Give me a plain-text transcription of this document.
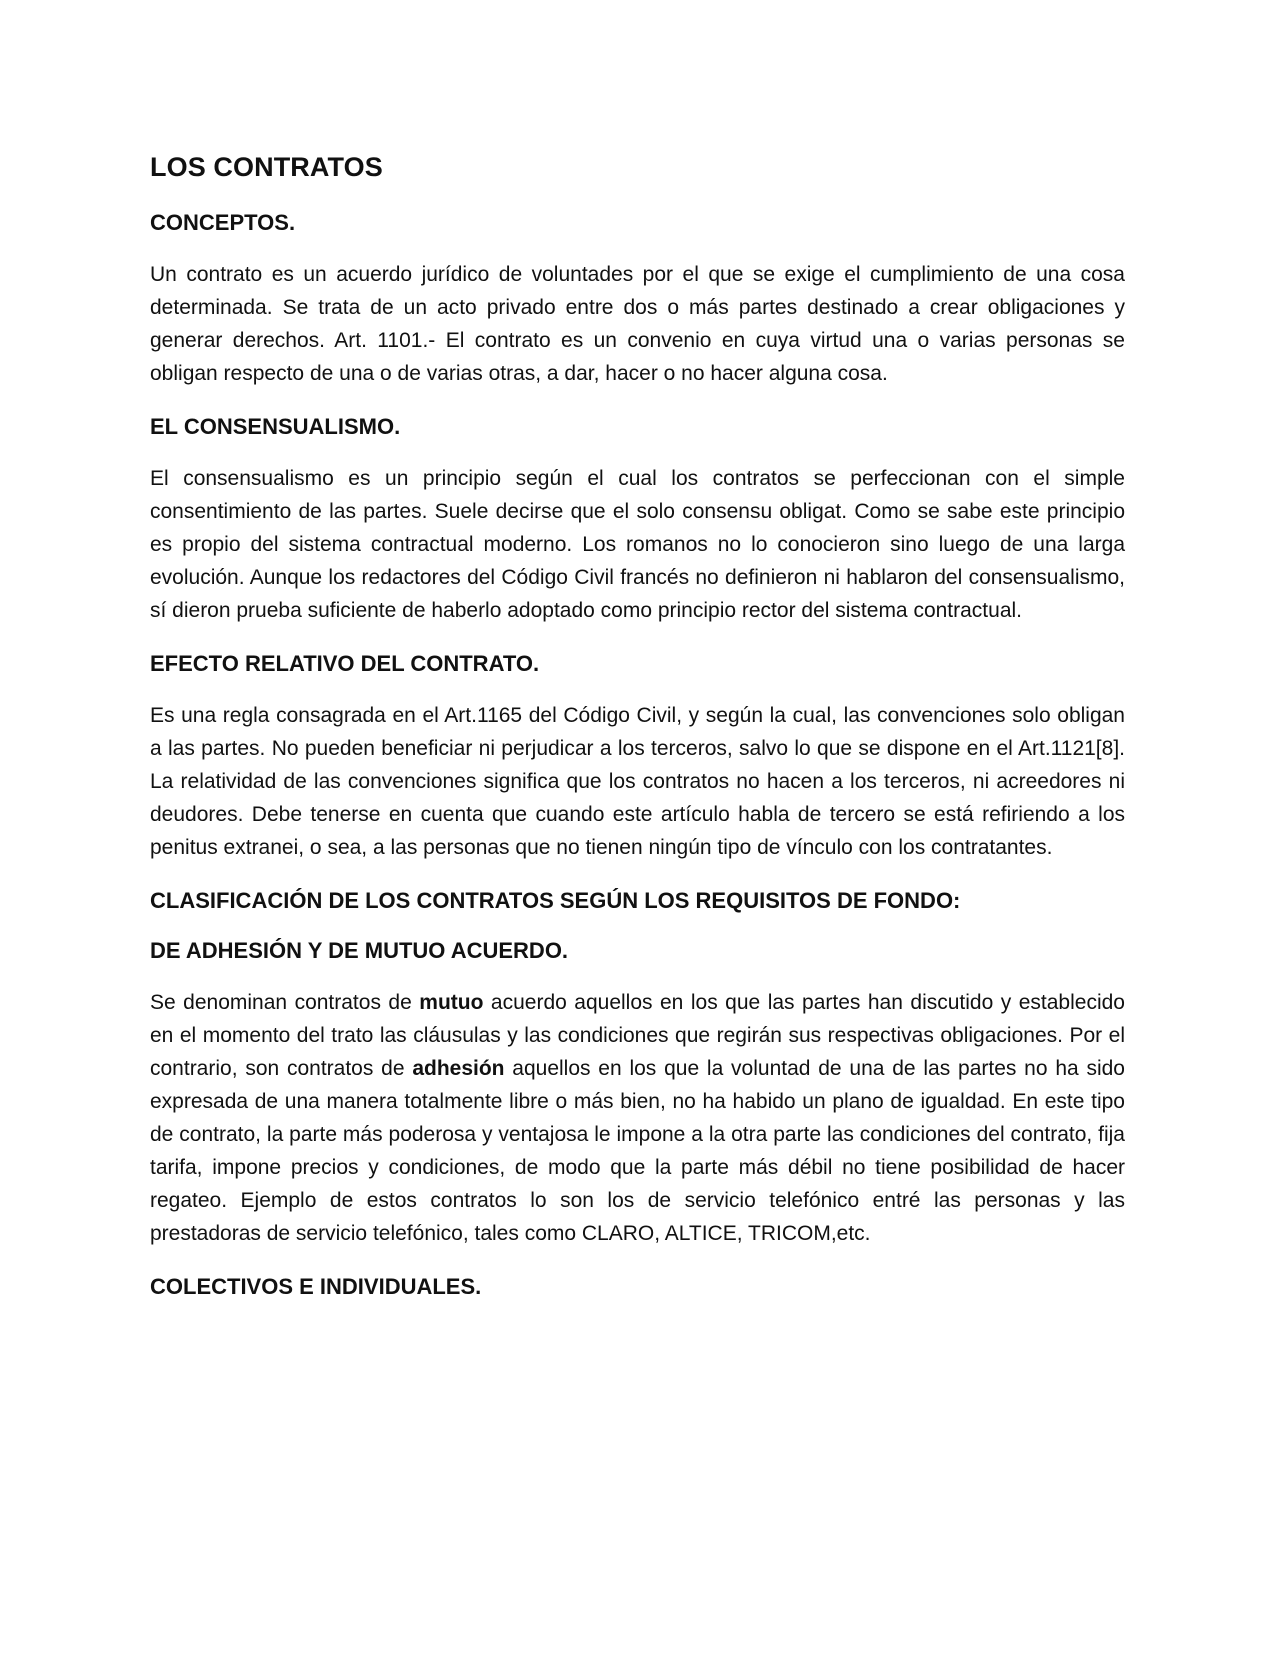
LOS CONTRATOS
CONCEPTOS.

Un contrato es un acuerdo jurídico de voluntades por el que se exige el cumplimiento de una cosa determinada. Se trata de un acto privado entre dos o más partes destinado a crear obligaciones y generar derechos. Art. 1101.- El contrato es un convenio en cuya virtud una o varias personas se obligan respecto de una o de varias otras, a dar, hacer o no hacer alguna cosa.

EL CONSENSUALISMO.

El consensualismo es un principio según el cual los contratos se perfeccionan con el simple consentimiento de las partes. Suele decirse que el solo consensu obligat. Como se sabe este principio es propio del sistema contractual moderno. Los romanos no lo conocieron sino luego de una larga evolución. Aunque los redactores del Código Civil francés no definieron ni hablaron del consensualismo, sí dieron prueba suficiente de haberlo adoptado como principio rector del sistema contractual.

EFECTO RELATIVO DEL CONTRATO.

Es una regla consagrada en el Art.1165 del Código Civil, y según la cual, las convenciones solo obligan a las partes. No pueden beneficiar ni perjudicar a los terceros, salvo lo que se dispone en el Art.1121[8]. La relatividad de las convenciones significa que los contratos no hacen a los terceros, ni acreedores ni deudores. Debe tenerse en cuenta que cuando este artículo habla de tercero se está refiriendo a los penitus extranei, o sea, a las personas que no tienen ningún tipo de vínculo con los contratantes.

CLASIFICACIÓN DE LOS CONTRATOS SEGÚN LOS REQUISITOS DE FONDO:
DE ADHESIÓN Y DE MUTUO ACUERDO.

Se denominan contratos de mutuo acuerdo aquellos en los que las partes han discutido y establecido en el momento del trato las cláusulas y las condiciones que regirán sus respectivas obligaciones. Por el contrario, son contratos de adhesión aquellos en los que la voluntad de una de las partes no ha sido expresada de una manera totalmente libre o más bien, no ha habido un plano de igualdad. En este tipo de contrato, la parte más poderosa y ventajosa le impone a la otra parte las condiciones del contrato, fija tarifa, impone precios y condiciones, de modo que la parte más débil no tiene posibilidad de hacer regateo. Ejemplo de estos contratos lo son los de servicio telefónico entré las personas y las prestadoras de servicio telefónico, tales como CLARO, ALTICE, TRICOM,etc.

COLECTIVOS E INDIVIDUALES.
